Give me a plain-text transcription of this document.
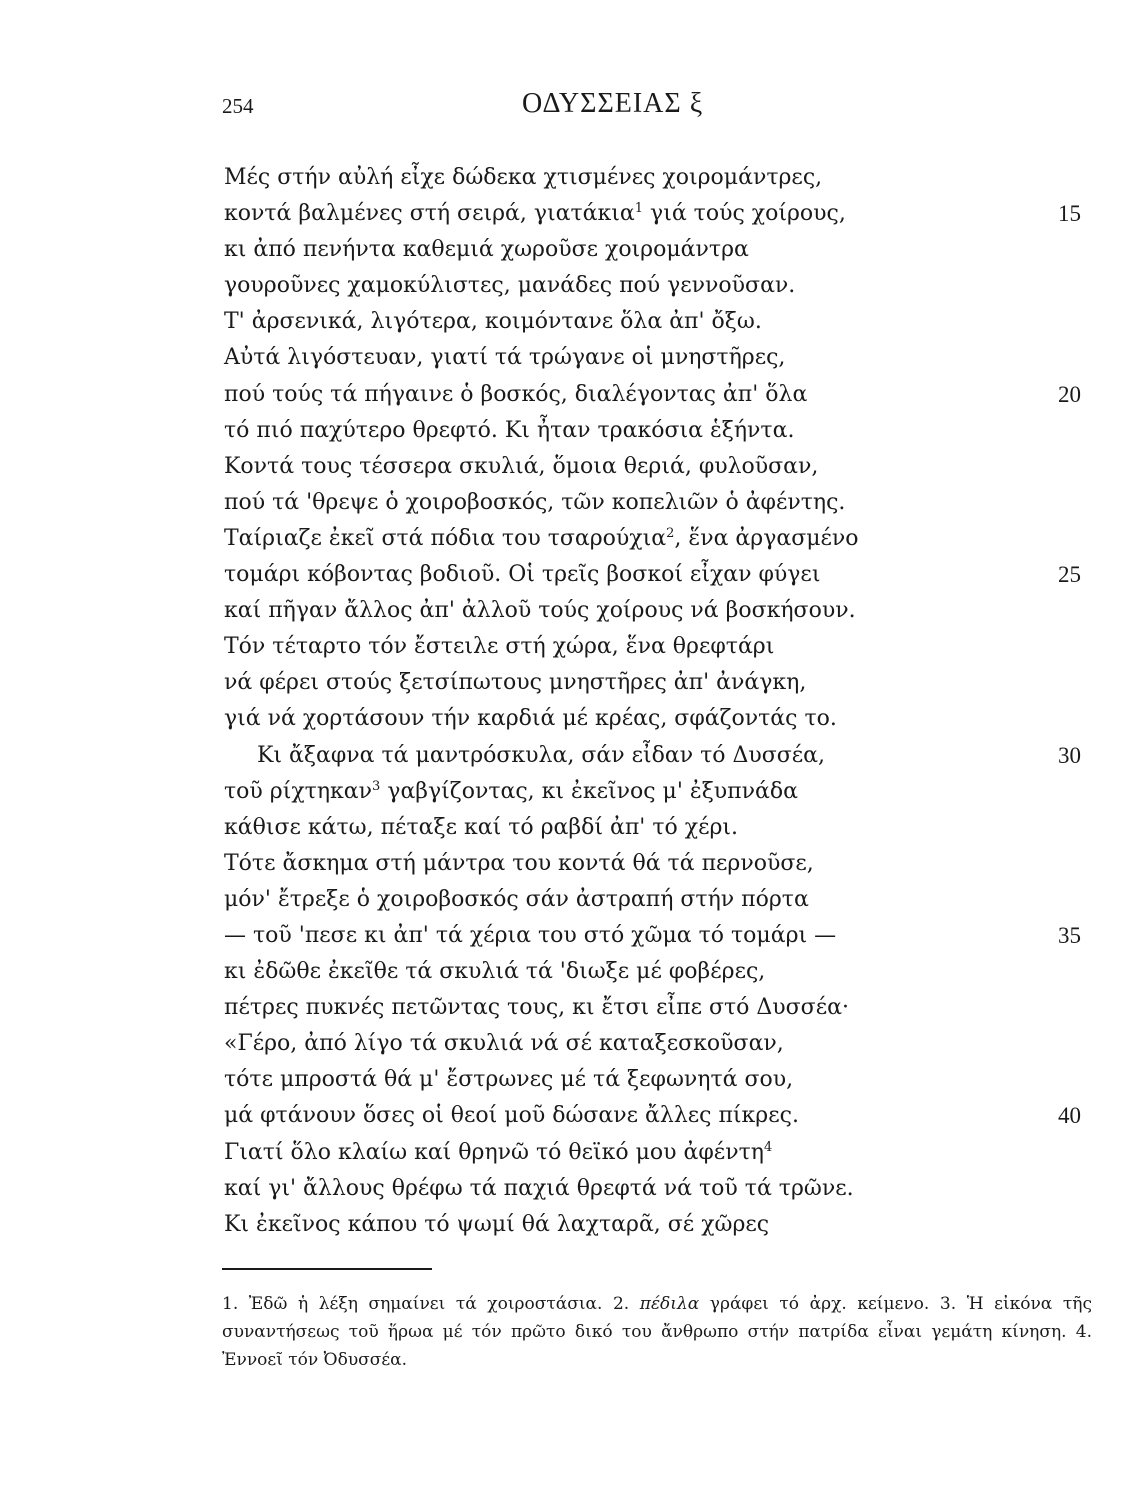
254	ΟΔΥΣΣΕΙΑΣ ξ
Μές στήν αὐλή εἶχε δώδεκα χτισμένες χοιρομάντρες,
κοντά βαλμένες στή σειρά, γιατάκια$^1$ γιά τούς χοίρους,	15
κι ἀπό πενήντα καθεμιά χωροῦσε χοιρομάντρα
γουροῦνες χαμοκύλιστες, μανάδες πού γεννοῦσαν.
Τ' ἀρσενικά, λιγότερα, κοιμόντανε ὅλα ἀπ' ὄξω.
Αὐτά λιγόστευαν, γιατί τά τρώγανε οἱ μνηστῆρες,
πού τούς τά πήγαινε ὁ βοσκός, διαλέγοντας ἀπ' ὅλα	20
τό πιό παχύτερο θρεφτό. Κι ἦταν τρακόσια ἑξήντα.
Κοντά τους τέσσερα σκυλιά, ὅμοια θεριά, φυλοῦσαν,
πού τά 'θρεψε ὁ χοιροβοσκός, τῶν κοπελιῶν ὁ ἀφέντης.
Ταίριαζε ἐκεῖ στά πόδια του τσαρούχια$^2$, ἕνα ἀργασμένο
τομάρι κόβοντας βοδιοῦ. Οἱ τρεῖς βοσκοί εἶχαν φύγει	25
καί πῆγαν ἄλλος ἀπ' ἀλλοῦ τούς χοίρους νά βοσκήσουν.
Τόν τέταρτο τόν ἔστειλε στή χώρα, ἕνα θρεφτάρι
νά φέρει στούς ξετσίπωτους μνηστῆρες ἀπ' ἀνάγκη,
γιά νά χορτάσουν τήν καρδιά μέ κρέας, σφάζοντάς το.
Κι ἄξαφνα τά μαντρόσκυλα, σάν εἶδαν τό Δυσσέα,	30
τοῦ ρίχτηκαν$^3$ γαβγίζοντας, κι ἐκεῖνος μ' ἐξυπνάδα
κάθισε κάτω, πέταξε καί τό ραβδί ἀπ' τό χέρι.
Τότε ἄσκημα στή μάντρα του κοντά θά τά περνοῦσε,
μόν' ἔτρεξε ὁ χοιροβοσκός σάν ἀστραπή στήν πόρτα
— τοῦ 'πεσε κι ἀπ' τά χέρια του στό χῶμα τό τομάρι —	35
κι ἐδῶθε ἐκεῖθε τά σκυλιά τά 'διωξε μέ φοβέρες,
πέτρες πυκνές πετῶντας τους, κι ἔτσι εἶπε στό Δυσσέα·
«Γέρο, ἀπό λίγο τά σκυλιά νά σέ καταξεσκοῦσαν,
τότε μπροστά θά μ' ἔστρωνες μέ τά ξεφωνητά σου,
μά φτάνουν ὅσες οἱ θεοί μοῦ δώσανε ἄλλες πίκρες.	40
Γιατί ὅλο κλαίω καί θρηνῶ τό θεϊκό μου ἀφέντη$^4$
καί γι' ἄλλους θρέφω τά παχιά θρεφτά νά τοῦ τά τρῶνε.
Κι ἐκεῖνος κάπου τό ψωμί θά λαχταρᾶ, σέ χῶρες
1. Ἐδῶ ἡ λέξη σημαίνει τά χοιροστάσια. 2. πέδιλα γράφει τό ἀρχ. κείμενο. 3. Ἡ εἰκόνα τῆς συναντήσεως τοῦ ἥρωα μέ τόν πρῶτο δικό του ἄνθρωπο στήν πατρίδα εἶναι γεμάτη κίνηση. 4. Ἐννοεῖ τόν Ὀδυσσέα.
